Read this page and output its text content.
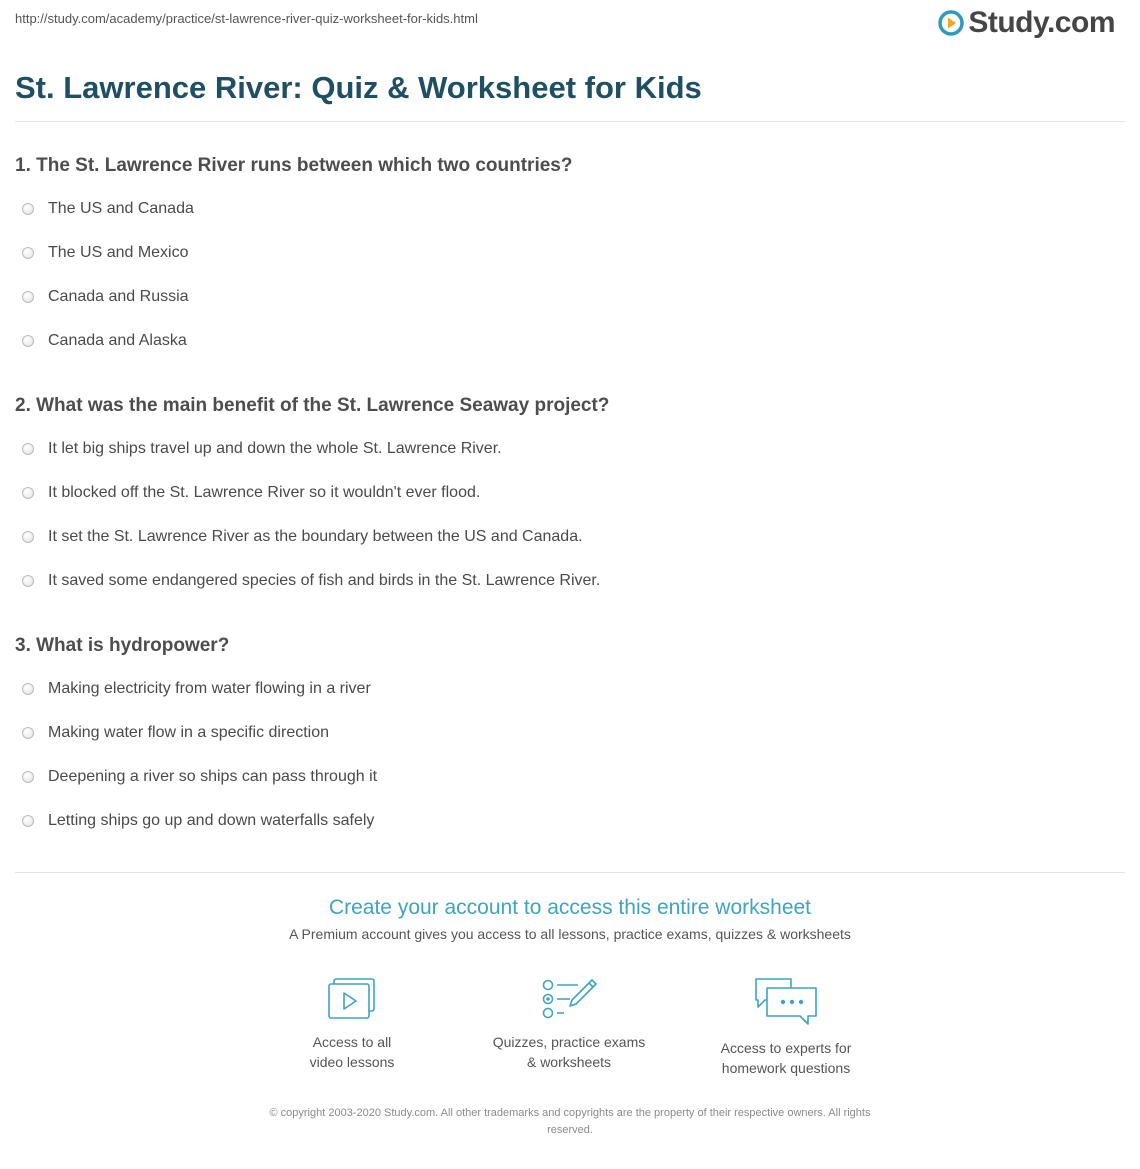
http://study.com/academy/practice/st-lawrence-river-quiz-worksheet-for-kids.html	Study.com
St. Lawrence River: Quiz & Worksheet for Kids
1. The St. Lawrence River runs between which two countries?
The US and Canada
The US and Mexico
Canada and Russia
Canada and Alaska
2. What was the main benefit of the St. Lawrence Seaway project?
It let big ships travel up and down the whole St. Lawrence River.
It blocked off the St. Lawrence River so it wouldn't ever flood.
It set the St. Lawrence River as the boundary between the US and Canada.
It saved some endangered species of fish and birds in the St. Lawrence River.
3. What is hydropower?
Making electricity from water flowing in a river
Making water flow in a specific direction
Deepening a river so ships can pass through it
Letting ships go up and down waterfalls safely
Create your account to access this entire worksheet
A Premium account gives you access to all lessons, practice exams, quizzes & worksheets
Access to all
video lessons
Quizzes, practice exams
& worksheets
Access to experts for
homework questions
© copyright 2003-2020 Study.com. All other trademarks and copyrights are the property of their respective owners. All rights
reserved.
